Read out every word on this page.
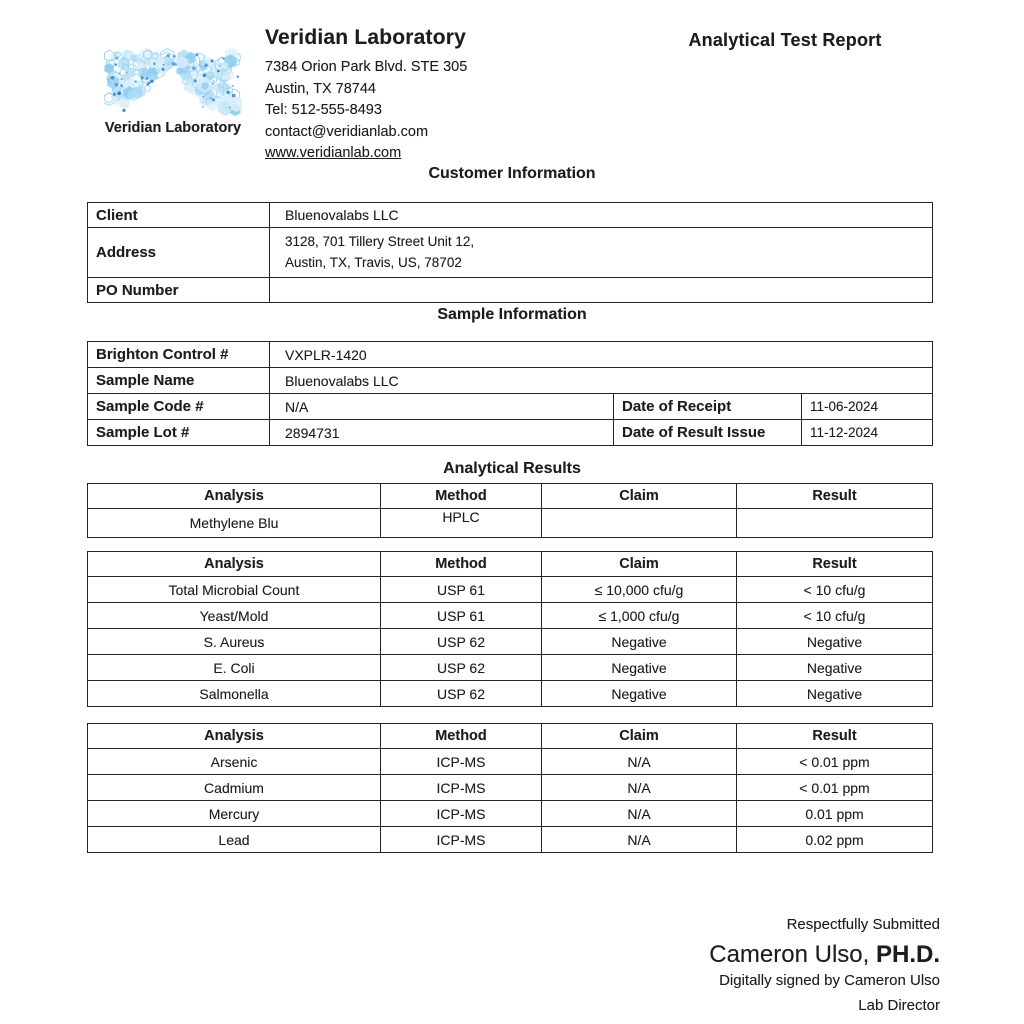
Veridian Laboratory
Veridian Laboratory
7384 Orion Park Blvd. STE 305
Austin, TX 78744
Tel: 512-555-8493
contact@veridianlab.com
www.veridianlab.com
Analytical Test Report
Customer Information
Client	Bluenovalabs LLC
Address	3128, 701 Tillery Street Unit 12,
Austin, TX, Travis, US, 78702

PO Number	
Sample Information
Brighton Control #	VXPLR-1420		
Sample Name	Bluenovalabs LLC		
Sample Code #	N/A	Date of Receipt	11-06-2024
Sample Lot #	2894731	Date of Result Issue	11-12-2024
Analytical Results
Analysis	Method	Claim	Result
Methylene Blu	HPLC		
Analysis	Method	Claim	Result
Total Microbial Count	USP 61	≤ 10,000 cfu/g	< 10 cfu/g
Yeast/Mold	USP 61	≤ 1,000 cfu/g	< 10 cfu/g
S. Aureus	USP 62	Negative	Negative
E. Coli	USP 62	Negative	Negative
Salmonella	USP 62	Negative	Negative
Analysis	Method	Claim	Result
Arsenic	ICP-MS	N/A	< 0.01 ppm
Cadmium	ICP-MS	N/A	< 0.01 ppm
Mercury	ICP-MS	N/A	0.01 ppm
Lead	ICP-MS	N/A	0.02 ppm
Respectfully Submitted
Cameron Ulso, PH.D.
Digitally signed by Cameron Ulso
Lab Director
